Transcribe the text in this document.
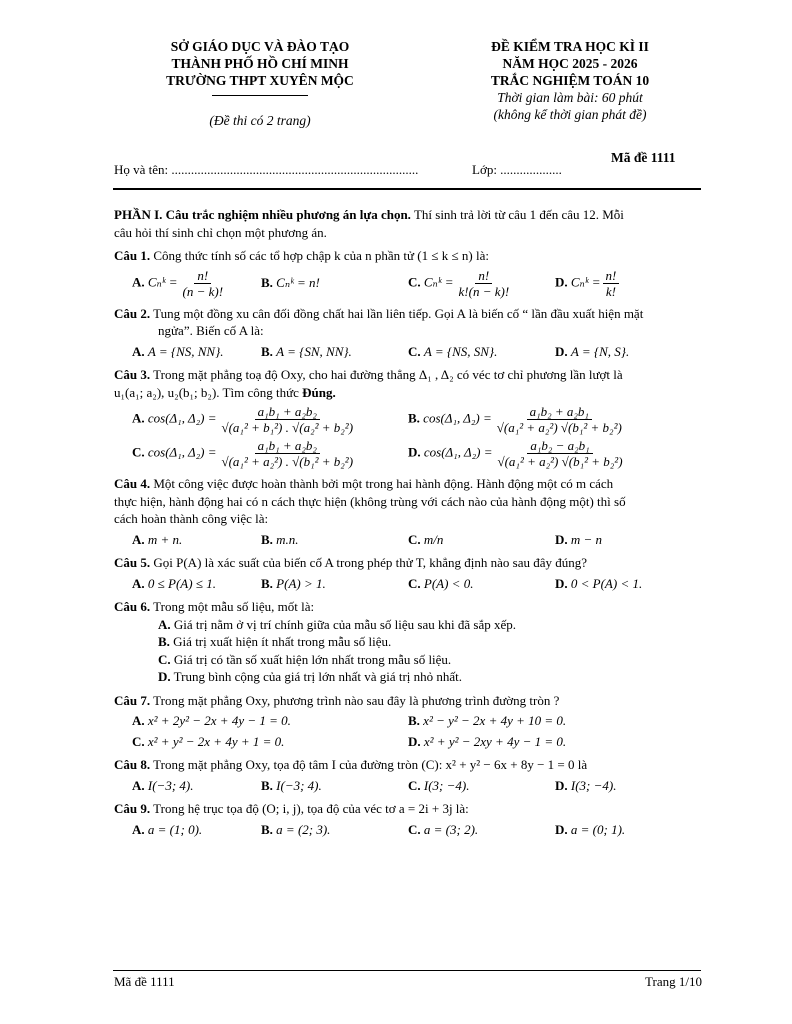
SỞ GIÁO DỤC VÀ ĐÀO TẠO
THÀNH PHỐ HỒ CHÍ MINH
TRƯỜNG THPT XUYÊN MỘC
(Đề thi có 2 trang)
ĐỀ KIỂM TRA HỌC KÌ II
NĂM HỌC 2025 - 2026
TRẮC NGHIỆM TOÁN 10
Thời gian làm bài: 60 phút
(không kể thời gian phát đề)
Họ và tên: ............................................................................	Lớp: ...................
Mã đề 1111

PHẦN I. Câu trắc nghiệm nhiều phương án lựa chọn. Thí sinh trả lời từ câu 1 đến câu 12. Mỗi
câu hỏi thí sinh chỉ chọn một phương án.

Câu 1. Công thức tính số các tổ hợp chập k của n phần tử (1 ≤ k ≤ n) là:
A. Cₙᵏ = $\frac{n!}{(n - k)!}$	B. Cₙᵏ = n!	C. Cₙᵏ = $\frac{n!}{k!(n - k)!}$	D. Cₙᵏ = $\frac{n!}{k!}$
Câu 2. Tung một đồng xu cân đối đồng chất hai lần liên tiếp. Gọi A là biến cố “ lần đầu xuất hiện mặt
ngửa”. Biến cố A là:
A. A = {NS, NN}.	B. A = {SN, NN}.	C. A = {NS, SN}.	D. A = {N, S}.
Câu 3. Trong mặt phẳng toạ độ Oxy, cho hai đường thẳng Δ₁ , Δ₂ có véc tơ chỉ phương lần lượt là
u₁(a₁; a₂), u₂(b₁; b₂). Tìm công thức Đúng.
A. cos(Δ₁, $\Delta_2) = \frac{\text{a₁b₁ + a₂b₂}}{\text{√(a₁² + b₁²) . √(a₂² + b₂²)}}$	B. cos(Δ₁, $\Delta_2) = \frac{\text{a₁b₂ + a₂b₁}}{\text{√(a₁² + a₂²) √(b₁² + b₂²)}}$
C. cos(Δ₁, $\Delta_2) = \frac{\text{a₁b₁ + a₂b₂}}{\text{√(a₁² + a₂²) . √(b₁² + b₂²)}}$	D. cos(Δ₁, $\Delta_2) = \frac{\text{a₁b₂ − a₂b₁}}{\text{√(a₁² + a₂²) √(b₁² + b₂²)}}$
Câu 4. Một công việc được hoàn thành bởi một trong hai hành động. Hành động một có m cách
thực hiện, hành động hai có n cách thực hiện (không trùng với cách nào của hành động một) thì số
cách hoàn thành công việc là:
A. m + n.	B. m.n.	C. m/n	D. m − n
Câu 5. Gọi P(A) là xác suất của biến cố A trong phép thử T, khẳng định nào sau đây đúng?
A. 0 ≤ P(A) ≤ 1.	B. P(A) > 1.	C. P(A) < 0.	D. 0 < P(A) < 1.
Câu 6. Trong một mẫu số liệu, mốt là:
A. Giá trị nằm ở vị trí chính giữa của mẫu số liệu sau khi đã sắp xếp.
B. Giá trị xuất hiện ít nhất trong mẫu số liệu.
C. Giá trị có tần số xuất hiện lớn nhất trong mẫu số liệu.
D. Trung bình cộng của giá trị lớn nhất và giá trị nhỏ nhất.
Câu 7. Trong mặt phẳng Oxy, phương trình nào sau đây là phương trình đường tròn ?
A. x² + 2y² − 2x + 4y − 1 = 0.	B. x² − y² − 2x + 4y + 10 = 0.
C. x² + y² − 2x + 4y + 1 = 0.	D. x² + y² − 2xy + 4y − 1 = 0.
Câu 8. Trong mặt phẳng Oxy, tọa độ tâm I của đường tròn (C): x² + y² − 6x + 8y − 1 = 0 là
A. I(−3; 4).	B. I(−3; 4).	C. I(3; −4).	D. I(3; −4).
Câu 9. Trong hệ trục tọa độ (O; i, j), tọa độ của véc tơ a = 2i + 3j là:
A. a = (1; 0).	B. a = (2; 3).	C. a = (3; 2).	D. a = (0; 1).
Mã đề 1111	Trang 1/10
